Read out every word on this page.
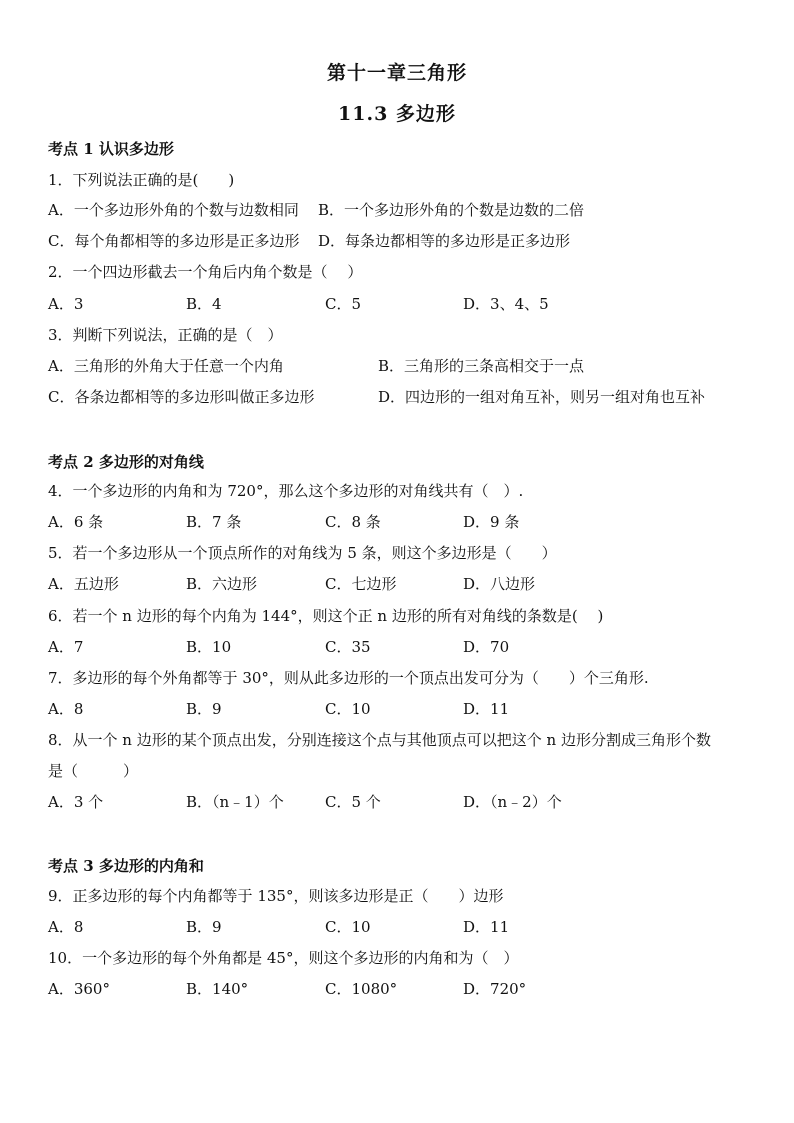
第十一章三角形
11.3 多边形
考点 1 认识多边形
1．下列说法正确的是(　　)
A．一个多边形外角的个数与边数相同 B．一个多边形外角的个数是边数的二倍
C．每个角都相等的多边形是正多边形 D．每条边都相等的多边形是正多边形
2．一个四边形截去一个角后内角个数是（　 ）
A．3	B．4	C．5	D．3、4、5
3．判断下列说法，正确的是（　）
A．三角形的外角大于任意一个内角	B．三角形的三条高相交于一点
C．各条边都相等的多边形叫做正多边形	D．四边形的一组对角互补，则另一组对角也互补
考点 2 多边形的对角线
4．一个多边形的内角和为 720°，那么这个多边形的对角线共有（　）.
A．6 条	B．7 条	C．8 条	D．9 条
5．若一个多边形从一个顶点所作的对角线为 5 条，则这个多边形是（　　）
A．五边形	B．六边形	C．七边形	D．八边形
6．若一个 n 边形的每个内角为 144°，则这个正 n 边形的所有对角线的条数是(　 )
A．7	B．10	C．35	D．70
7．多边形的每个外角都等于 30°，则从此多边形的一个顶点出发可分为（　　）个三角形.
A．8	B．9	C．10	D．11
8．从一个 n 边形的某个顶点出发，分别连接这个点与其他顶点可以把这个 n 边形分割成三角形个数
是（　　　）
A．3 个	B．（n﹣1）个	C．5 个	D．（n﹣2）个
考点 3 多边形的内角和
9．正多边形的每个内角都等于 135°，则该多边形是正（　　）边形
A．8	B．9	C．10	D．11
10．一个多边形的每个外角都是 45°，则这个多边形的内角和为（　）
A．360°	B．140°	C．1080°	D．720°
